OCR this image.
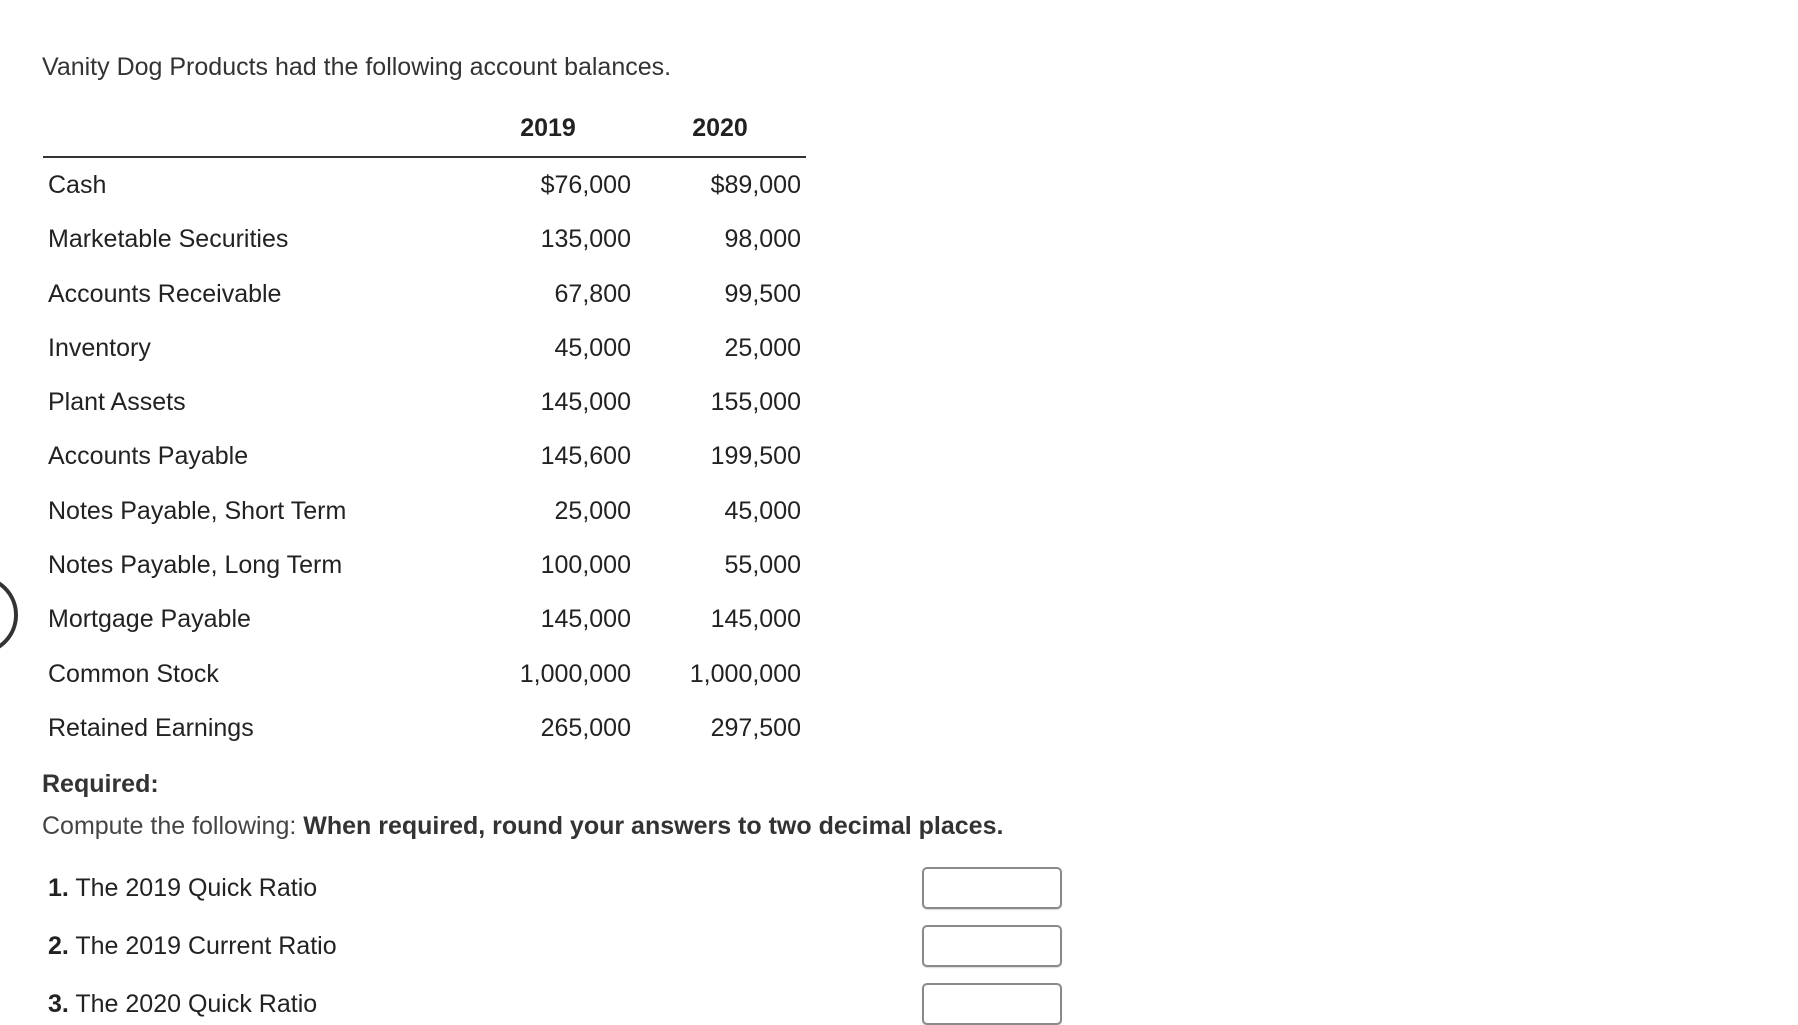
Vanity Dog Products had the following account balances.
2019	2020
Cash	$76,000	$89,000
Marketable Securities	135,000	98,000
Accounts Receivable	67,800	99,500
Inventory	45,000	25,000
Plant Assets	145,000	155,000
Accounts Payable	145,600	199,500
Notes Payable, Short Term	25,000	45,000
Notes Payable, Long Term	100,000	55,000
Mortgage Payable	145,000	145,000
Common Stock	1,000,000 1,000,000
Retained Earnings	265,000	297,500
Required:
Compute the following: When required, round your answers to two decimal places.
1. The 2019 Quick Ratio
2. The 2019 Current Ratio
3. The 2020 Quick Ratio
